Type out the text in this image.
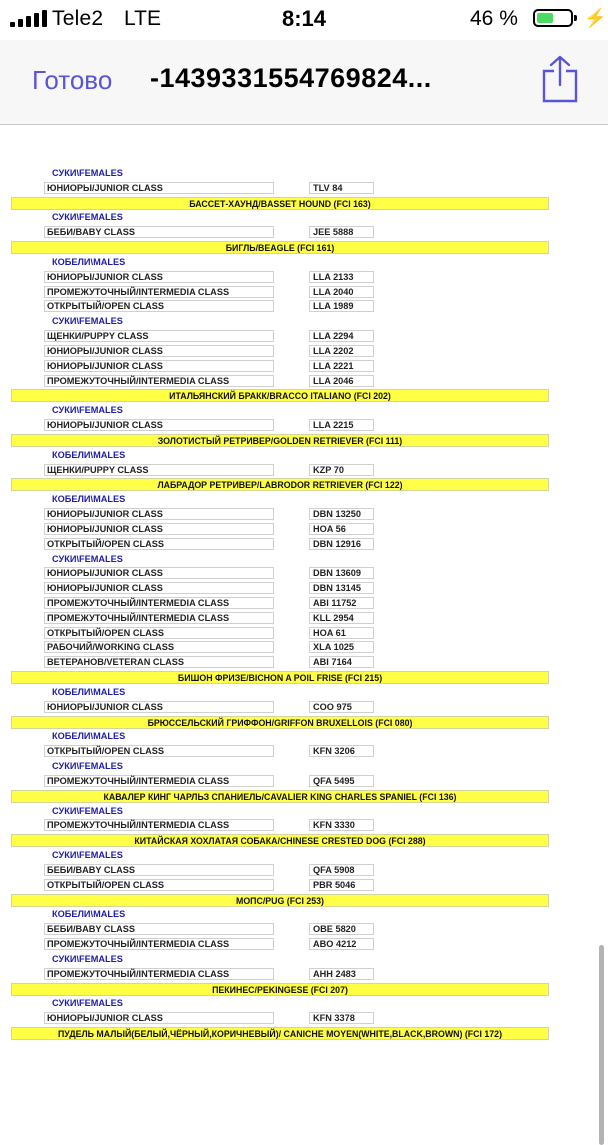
Tele2 LTE	8:14	46 %	⚡
Готово -1439331554769824...
СУКИ\FEMALES
ЮНИОРЫ/JUNIOR CLASS	TLV 84
БАССЕТ-ХАУНД/BASSET HOUND (FCI 163)
СУКИ\FEMALES
БЕБИ/BABY CLASS	JEE 5888
БИГЛЬ/BEAGLE (FCI 161)
КОБЕЛИ\MALES
ЮНИОРЫ/JUNIOR CLASS	LLA 2133
ПРОМЕЖУТОЧНЫЙ/INTERMEDIA CLASS	LLA 2040
ОТКРЫТЫЙ/OPEN CLASS	LLA 1989
СУКИ\FEMALES
ЩЕНКИ/PUPPY CLASS	LLA 2294
ЮНИОРЫ/JUNIOR CLASS	LLA 2202
ЮНИОРЫ/JUNIOR CLASS	LLA 2221
ПРОМЕЖУТОЧНЫЙ/INTERMEDIA CLASS	LLA 2046
ИТАЛЬЯНСКИЙ БРАКК/BRACCO ITALIANO (FCI 202)
СУКИ\FEMALES
ЮНИОРЫ/JUNIOR CLASS	LLA 2215
ЗОЛОТИСТЫЙ РЕТРИВЕР/GOLDEN RETRIEVER (FCI 111)
КОБЕЛИ\MALES
ЩЕНКИ/PUPPY CLASS	KZP 70
ЛАБРАДОР РЕТРИВЕР/LABRODOR RETRIEVER (FCI 122)
КОБЕЛИ\MALES
ЮНИОРЫ/JUNIOR CLASS	DBN 13250
ЮНИОРЫ/JUNIOR CLASS	HOA 56
ОТКРЫТЫЙ/OPEN CLASS	DBN 12916
СУКИ\FEMALES
ЮНИОРЫ/JUNIOR CLASS	DBN 13609
ЮНИОРЫ/JUNIOR CLASS	DBN 13145
ПРОМЕЖУТОЧНЫЙ/INTERMEDIA CLASS	ABI 11752
ПРОМЕЖУТОЧНЫЙ/INTERMEDIA CLASS	KLL 2954
ОТКРЫТЫЙ/OPEN CLASS	HOA 61
РАБОЧИЙ/WORKING CLASS	XLA 1025
ВЕТЕРАНОВ/VETERAN CLASS	ABI 7164
БИШОН ФРИЗЕ/BICHON A POIL FRISE (FCI 215)
КОБЕЛИ\MALES
ЮНИОРЫ/JUNIOR CLASS	COO 975
БРЮССЕЛЬСКИЙ ГРИФФОН/GRIFFON BRUXELLOIS (FCI 080)
КОБЕЛИ\MALES
ОТКРЫТЫЙ/OPEN CLASS	KFN 3206
СУКИ\FEMALES
ПРОМЕЖУТОЧНЫЙ/INTERMEDIA CLASS	QFA 5495
КАВАЛЕР КИНГ ЧАРЛЬЗ СПАНИЕЛЬ/CAVALIER KING CHARLES SPANIEL (FCI 136)
СУКИ\FEMALES
ПРОМЕЖУТОЧНЫЙ/INTERMEDIA CLASS	KFN 3330
КИТАЙСКАЯ ХОХЛАТАЯ СОБАКА/CHINESE CRESTED DOG (FCI 288)
СУКИ\FEMALES
БЕБИ/BABY CLASS	QFA 5908
ОТКРЫТЫЙ/OPEN CLASS	PBR 5046
МОПС/PUG (FCI 253)
КОБЕЛИ\MALES
БЕБИ/BABY CLASS	OBE 5820
ПРОМЕЖУТОЧНЫЙ/INTERMEDIA CLASS	ABO 4212
СУКИ\FEMALES
ПРОМЕЖУТОЧНЫЙ/INTERMEDIA CLASS	AHH 2483
ПЕКИНЕС/PEKINGESE (FCI 207)
СУКИ\FEMALES
ЮНИОРЫ/JUNIOR CLASS	KFN 3378
ПУДЕЛЬ МАЛЫЙ(БЕЛЫЙ,ЧЁРНЫЙ,КОРИЧНЕВЫЙ)/ CANICHE MOYEN(WHITE,BLACK,BROWN) (FCI 172)
